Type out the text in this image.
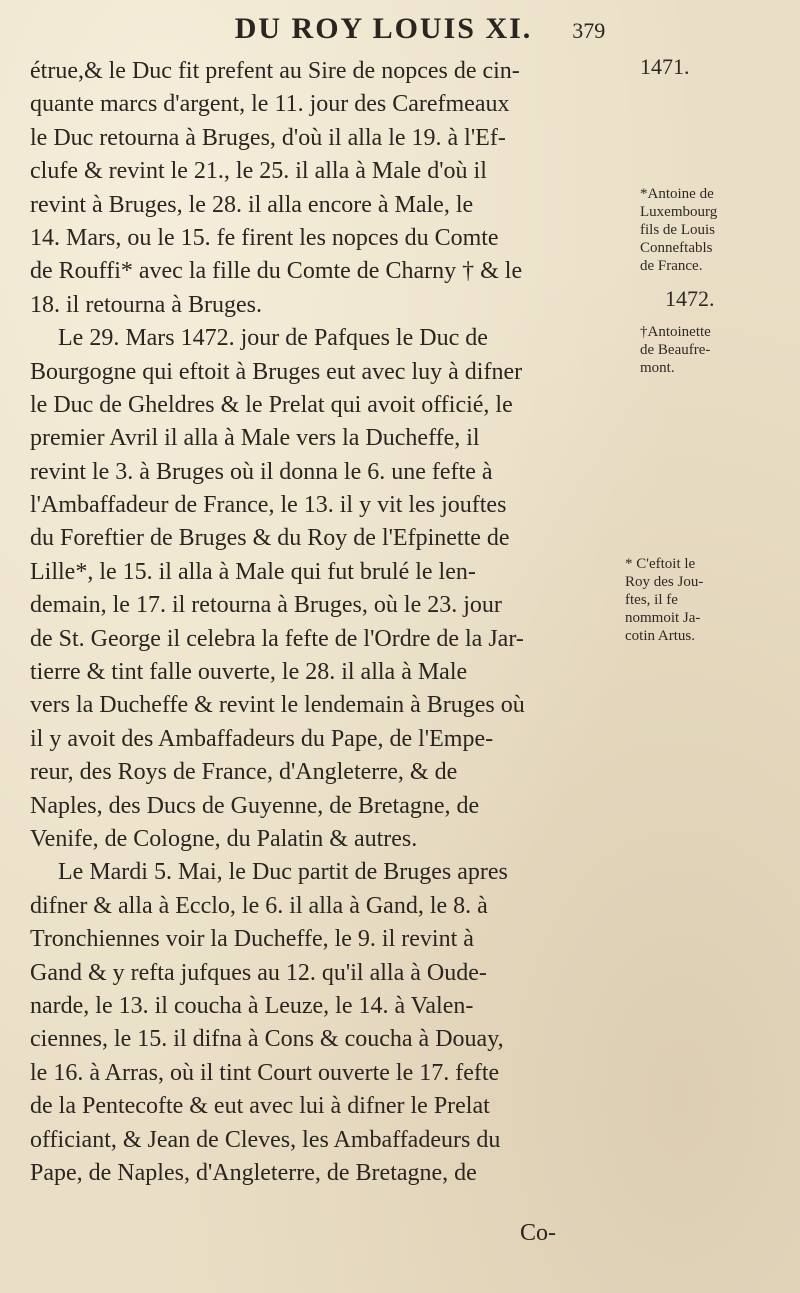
DU ROY LOUIS XI. 379
étrue,& le Duc fit prefent au Sire de nopces de cin-
quante marcs d'argent, le 11. jour des Carefmeaux
le Duc retourna à Bruges, d'où il alla le 19. à l'Ef-
clufe & revint le 21., le 25. il alla à Male d'où il
revint à Bruges, le 28. il alla encore à Male, le
14. Mars, ou le 15. fe firent les nopces du Comte
de Rouffi* avec la fille du Comte de Charny † & le
18. il retourna à Bruges.
Le 29. Mars 1472. jour de Pafques le Duc de
Bourgogne qui eftoit à Bruges eut avec luy à difner
le Duc de Gheldres & le Prelat qui avoit officié, le
premier Avril il alla à Male vers la Ducheffe, il
revint le 3. à Bruges où il donna le 6. une fefte à
l'Ambaffadeur de France, le 13. il y vit les jouftes
du Foreftier de Bruges & du Roy de l'Efpinette de
Lille*, le 15. il alla à Male qui fut brulé le len-
demain, le 17. il retourna à Bruges, où le 23. jour
de St. George il celebra la fefte de l'Ordre de la Jar-
tierre & tint falle ouverte, le 28. il alla à Male
vers la Ducheffe & revint le lendemain à Bruges où
il y avoit des Ambaffadeurs du Pape, de l'Empe-
reur, des Roys de France, d'Angleterre, & de
Naples, des Ducs de Guyenne, de Bretagne, de
Venife, de Cologne, du Palatin & autres.
Le Mardi 5. Mai, le Duc partit de Bruges apres
difner & alla à Ecclo, le 6. il alla à Gand, le 8. à
Tronchiennes voir la Ducheffe, le 9. il revint à
Gand & y refta jufques au 12. qu'il alla à Oude-
narde, le 13. il coucha à Leuze, le 14. à Valen-
ciennes, le 15. il difna à Cons & coucha à Douay,
le 16. à Arras, où il tint Court ouverte le 17. fefte
de la Pentecofte & eut avec lui à difner le Prelat
officiant, & Jean de Cleves, les Ambaffadeurs du
Pape, de Naples, d'Angleterre, de Bretagne, de
Co-
1471.
*Antoine de
Luxembourg
fils de Louis
Conneftabls
de France.
1472.
†Antoinette
de Beaufre-
mont.
* C'eftoit le
Roy des Jou-
ftes, il fe
nommoit Ja-
cotin Artus.
